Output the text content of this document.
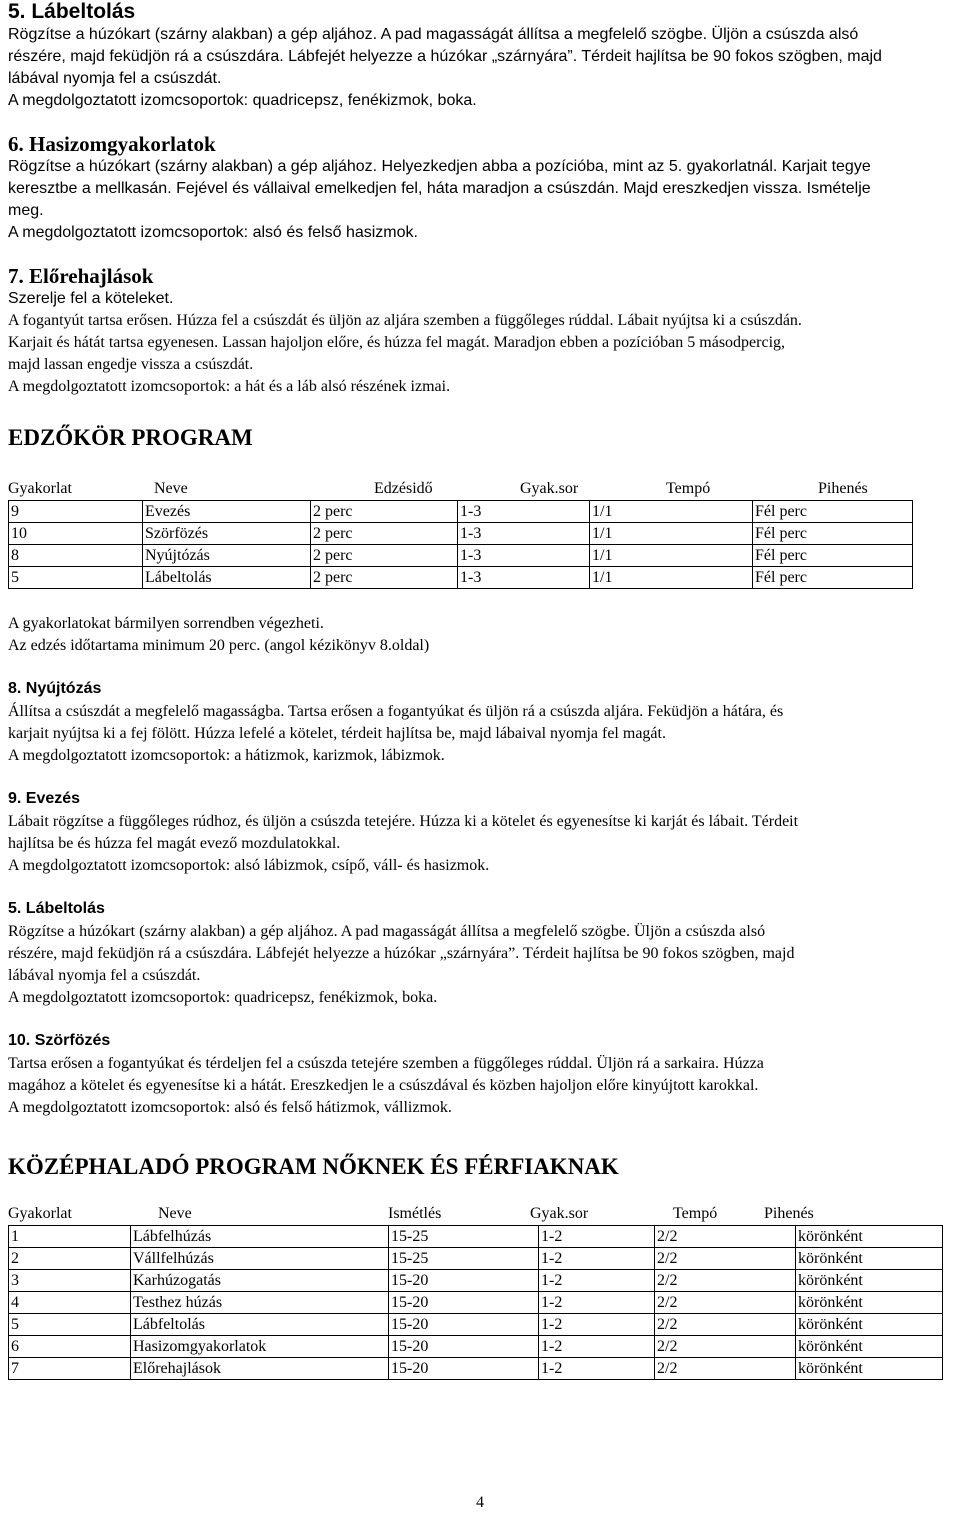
5. Lábeltolás

Rögzítse a húzókart (szárny alakban) a gép aljához. A pad magasságát állítsa a megfelelő szögbe. Üljön a csúszda alsó

részére, majd feküdjön rá a csúszdára. Lábfejét helyezze a húzókar „szárnyára”. Térdeit hajlítsa be 90 fokos szögben, majd

lábával nyomja fel a csúszdát.

A megdolgoztatott izomcsoportok: quadricepsz, fenékizmok, boka.

6. Hasizomgyakorlatok

Rögzítse a húzókart (szárny alakban) a gép aljához. Helyezkedjen abba a pozícióba, mint az 5. gyakorlatnál. Karjait tegye

keresztbe a mellkasán. Fejével és vállaival emelkedjen fel, háta maradjon a csúszdán. Majd ereszkedjen vissza. Ismételje

meg.

A megdolgoztatott izomcsoportok: alsó és felső hasizmok.

7. Előrehajlások

Szerelje fel a köteleket.

A fogantyút tartsa erősen. Húzza fel a csúszdát és üljön az aljára szemben a függőleges rúddal. Lábait nyújtsa ki a csúszdán.

Karjait és hátát tartsa egyenesen. Lassan hajoljon előre, és húzza fel magát. Maradjon ebben a pozícióban 5 másodpercig,

majd lassan engedje vissza a csúszdát.

A megdolgoztatott izomcsoportok: a hát és a láb alsó részének izmai.

EDZŐKÖR PROGRAM
Gyakorlat	Neve	Edzésidő	Gyak.sor	Tempó	Pihenés
9	Evezés	2 perc	1-3	1/1	Fél perc
10	Szörfözés	2 perc	1-3	1/1	Fél perc
8	Nyújtózás	2 perc	1-3	1/1	Fél perc
5	Lábeltolás	2 perc	1-3	1/1	Fél perc

A gyakorlatokat bármilyen sorrendben végezheti.

Az edzés időtartama minimum 20 perc. (angol kézikönyv 8.oldal)

8. Nyújtózás

Állítsa a csúszdát a megfelelő magasságba. Tartsa erősen a fogantyúkat és üljön rá a csúszda aljára. Feküdjön a hátára, és

karjait nyújtsa ki a fej fölött. Húzza lefelé a kötelet, térdeit hajlítsa be, majd lábaival nyomja fel magát.

A megdolgoztatott izomcsoportok: a hátizmok, karizmok, lábizmok.

9. Evezés

Lábait rögzítse a függőleges rúdhoz, és üljön a csúszda tetejére. Húzza ki a kötelet és egyenesítse ki karját és lábait. Térdeit

hajlítsa be és húzza fel magát evező mozdulatokkal.

A megdolgoztatott izomcsoportok: alsó lábizmok, csípő, váll- és hasizmok.

5. Lábeltolás

Rögzítse a húzókart (szárny alakban) a gép aljához. A pad magasságát állítsa a megfelelő szögbe. Üljön a csúszda alsó

részére, majd feküdjön rá a csúszdára. Lábfejét helyezze a húzókar „szárnyára”. Térdeit hajlítsa be 90 fokos szögben, majd

lábával nyomja fel a csúszdát.

A megdolgoztatott izomcsoportok: quadricepsz, fenékizmok, boka.

10. Szörfözés

Tartsa erősen a fogantyúkat és térdeljen fel a csúszda tetejére szemben a függőleges rúddal. Üljön rá a sarkaira. Húzza

magához a kötelet és egyenesítse ki a hátát. Ereszkedjen le a csúszdával és közben hajoljon előre kinyújtott karokkal.

A megdolgoztatott izomcsoportok: alsó és felső hátizmok, vállizmok.

KÖZÉPHALADÓ PROGRAM NŐKNEK ÉS FÉRFIAKNAK
Gyakorlat	Neve	Ismétlés	Gyak.sor	Tempó	Pihenés
1	Lábfelhúzás	15-25	1-2	2/2	körönként
2	Vállfelhúzás	15-25	1-2	2/2	körönként
3	Karhúzogatás	15-20	1-2	2/2	körönként
4	Testhez húzás	15-20	1-2	2/2	körönként
5	Lábfeltolás	15-20	1-2	2/2	körönként
6	Hasizomgyakorlatok	15-20	1-2	2/2	körönként
7	Előrehajlások	15-20	1-2	2/2	körönként
4
